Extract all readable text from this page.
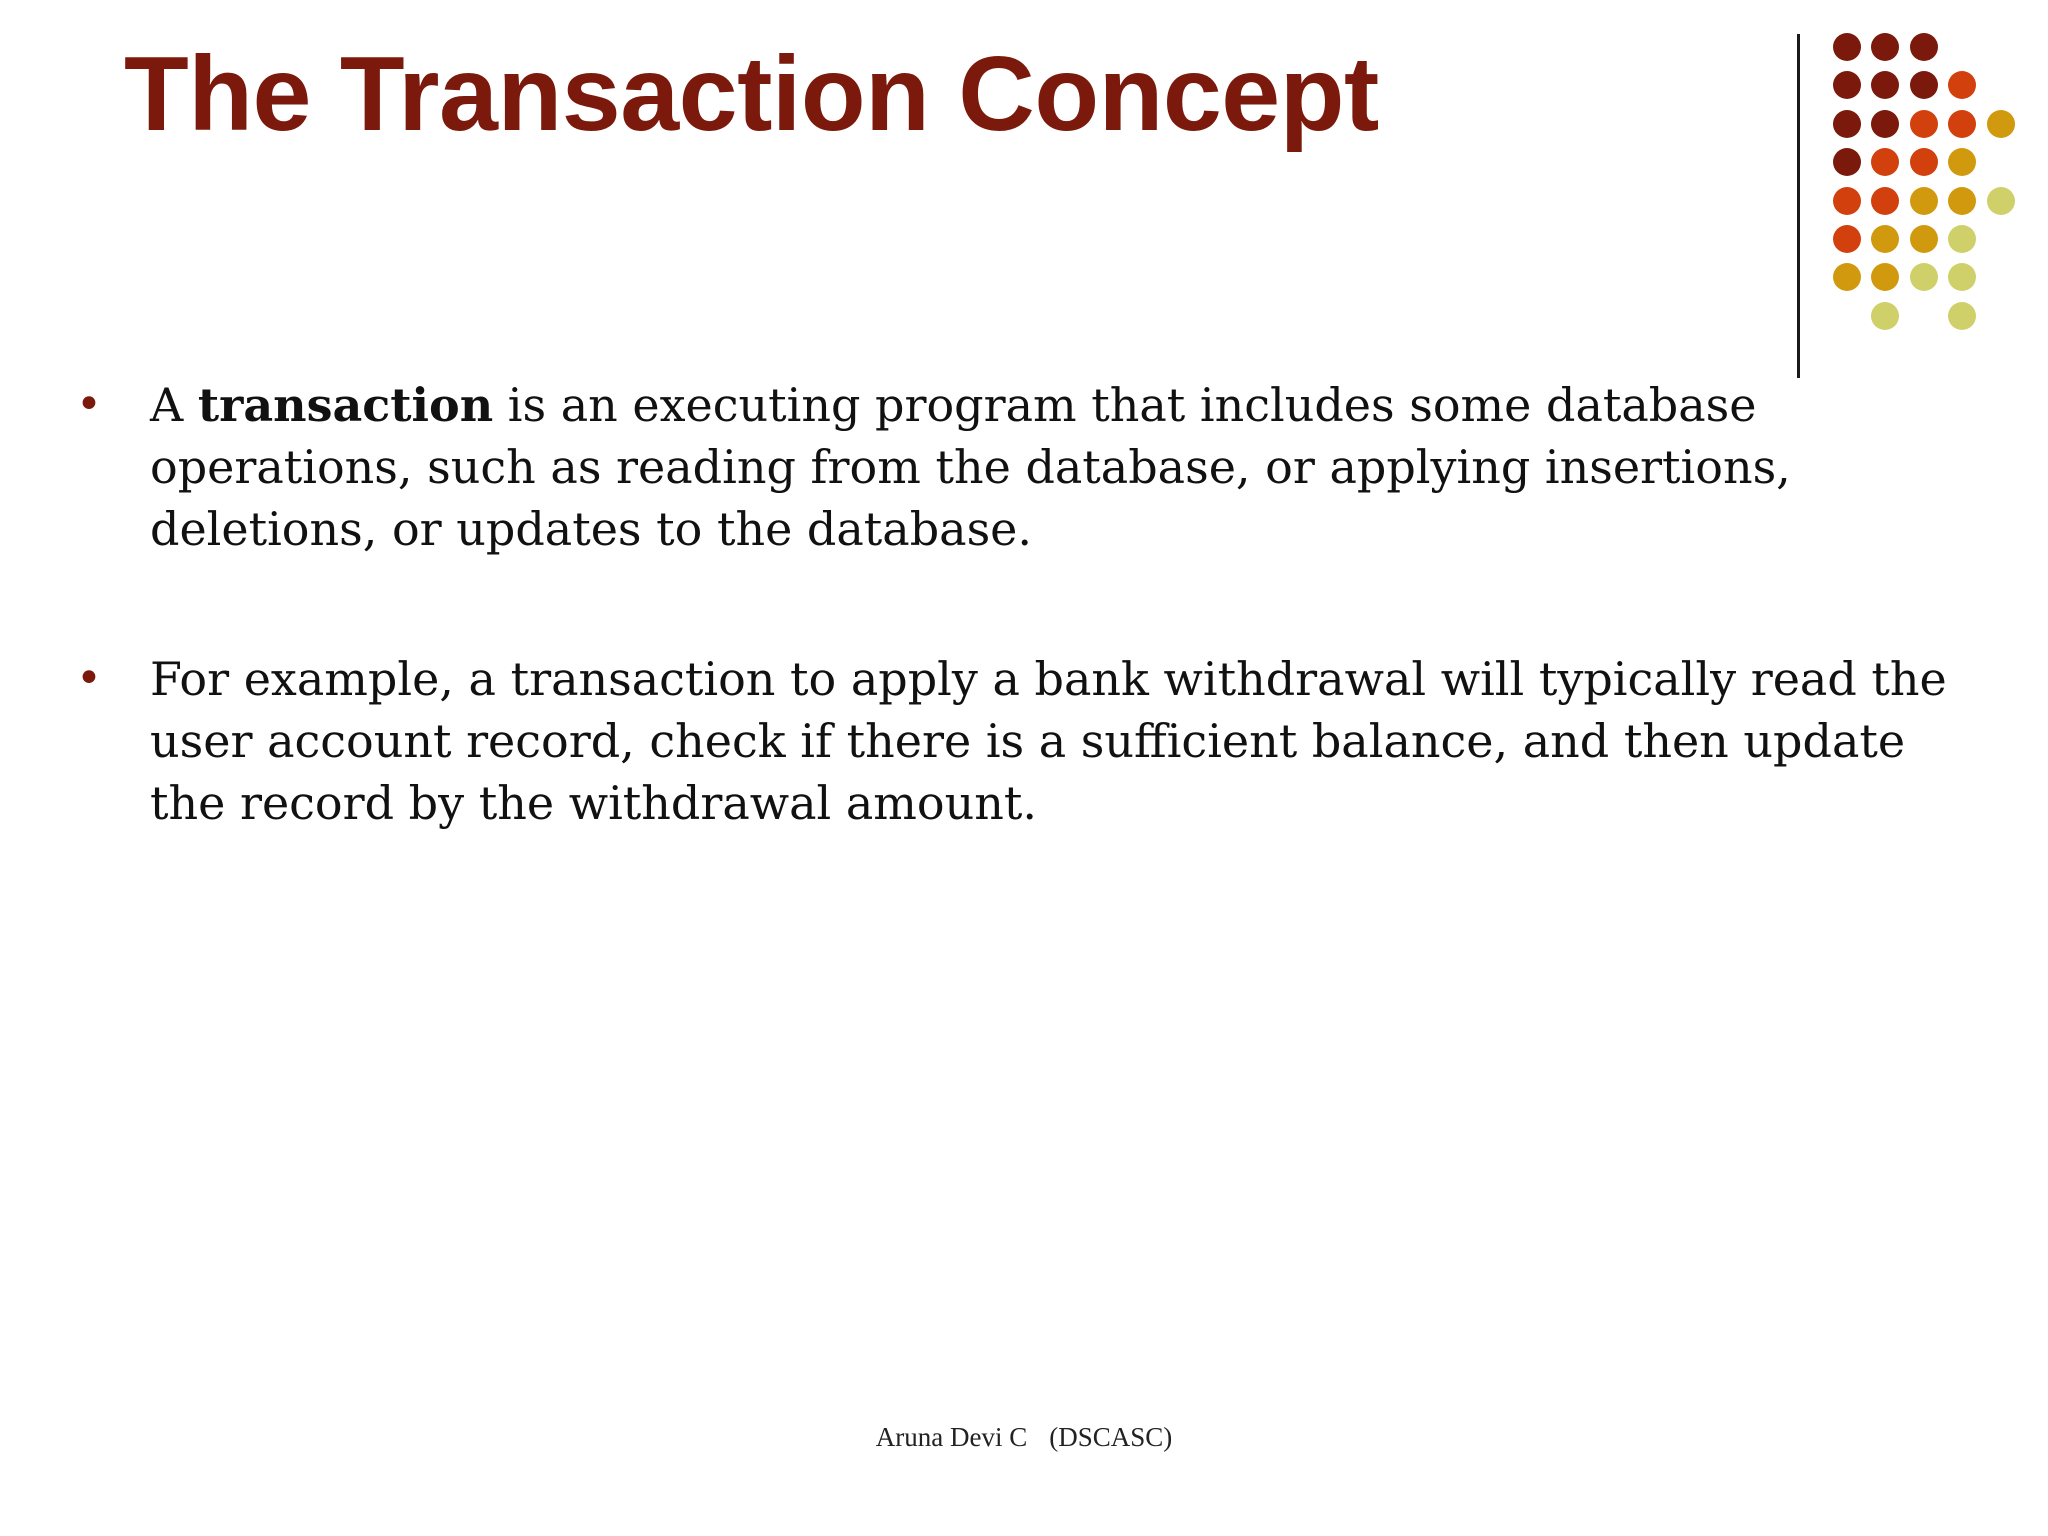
The Transaction Concept
• A transaction is an executing program that includes some database operations, such as reading from the database, or applying insertions, deletions, or updates to the database.
• For example, a transaction to apply a bank withdrawal will typically read the user account record, check if there is a sufficient balance, and then update the record by the withdrawal amount.
Aruna Devi C (DSCASC)
